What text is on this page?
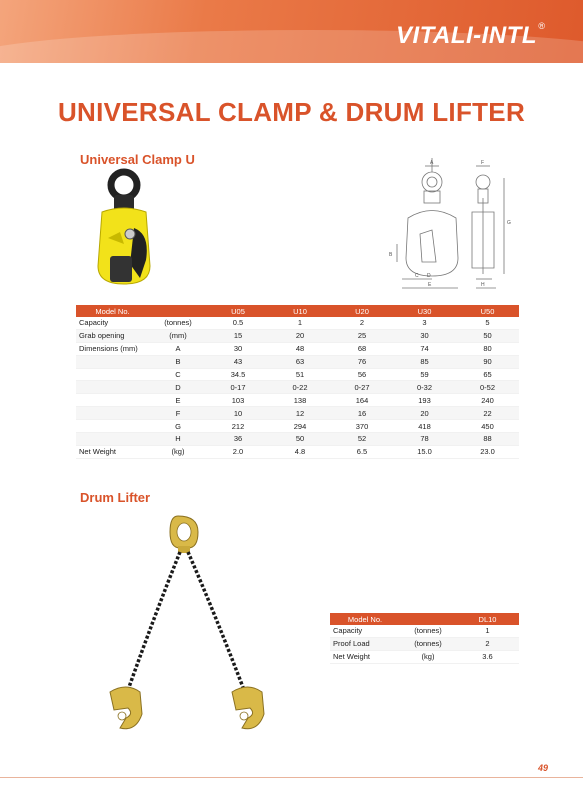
VITALI-INTL ®
UNIVERSAL CLAMP & DRUM LIFTER
Universal Clamp U	A
B
C D
E
F
G
H
Model No.		U05	U10	U20	U30	U50
Capacity	(tonnes)	0.5	1	2	3	5
Grab opening	(mm)	15	20	25	30	50
Dimensions (mm)	A	30	48	68	74	80
	B	43	63	76	85	90
	C	34.5	51	56	59	65
	D	0-17	0-22	0-27	0-32	0-52
	E	103	138	164	193	240
	F	10	12	16	20	22
	G	212	294	370	418	450
	H	36	50	52	78	88
Net Weight	(kg)	2.0	4.8	6.5	15.0	23.0
Drum Lifter
Model No.		DL10
Capacity	(tonnes)	1
Proof Load	(tonnes)	2
Net Weight	(kg)	3.6
49
